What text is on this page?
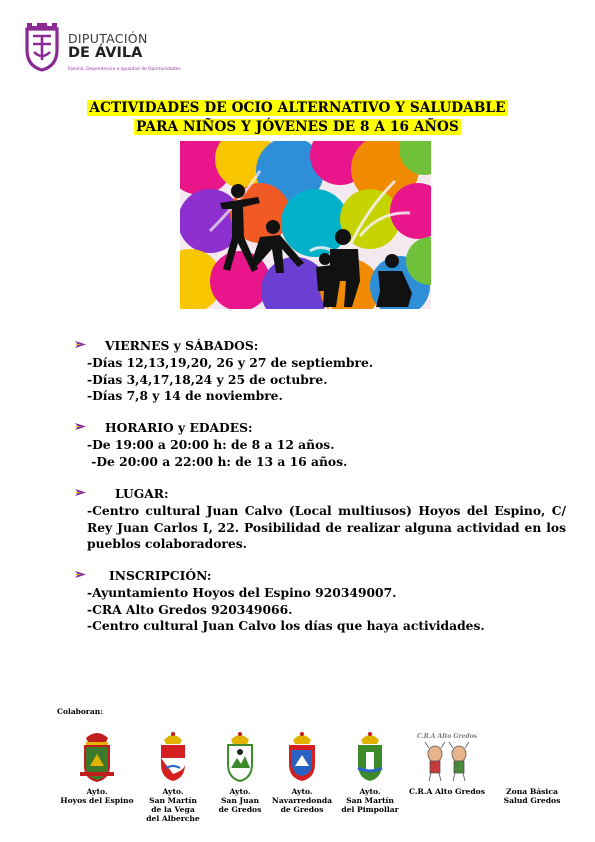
DIPUTACIÓN
DE ÁVILA
Familia, Dependencia e Igualdad de Oportunidades
ACTIVIDADES DE OCIO ALTERNATIVO Y SALUDABLE
PARA NIÑOS Y JÓVENES DE 8 A 16 AÑOS
VIERNES y SÁBADOS:

-Días 12,13,19,20, 26 y 27 de septiembre.

-Días 3,4,17,18,24 y 25 de octubre.

-Días 7,8 y 14 de noviembre.

HORARIO y EDADES:

-De 19:00 a 20:00 h: de 8 a 12 años.

-De 20:00 a 22:00 h: de 13 a 16 años.

LUGAR:

-Centro cultural Juan Calvo (Local multiusos) Hoyos del Espino, C/ Rey Juan Carlos I, 22. Posibilidad de realizar alguna actividad en los pueblos colaboradores.

INSCRIPCIÓN:

-Ayuntamiento Hoyos del Espino 920349007.

-CRA Alto Gredos 920349066.

-Centro cultural Juan Calvo los días que haya actividades.

Colaboran:
Ayto.
Hoyos del Espino
Ayto.
San Martín
de la Vega
del Alberche
Ayto.
San Juan
de Gredos
Ayto.
Navarredonda
de Gredos
Ayto.
San Martín
del Pimpollar
C.R.A Alto Gredos
C.R.A Alto Gredos	Zona Básica
Salud Gredos
